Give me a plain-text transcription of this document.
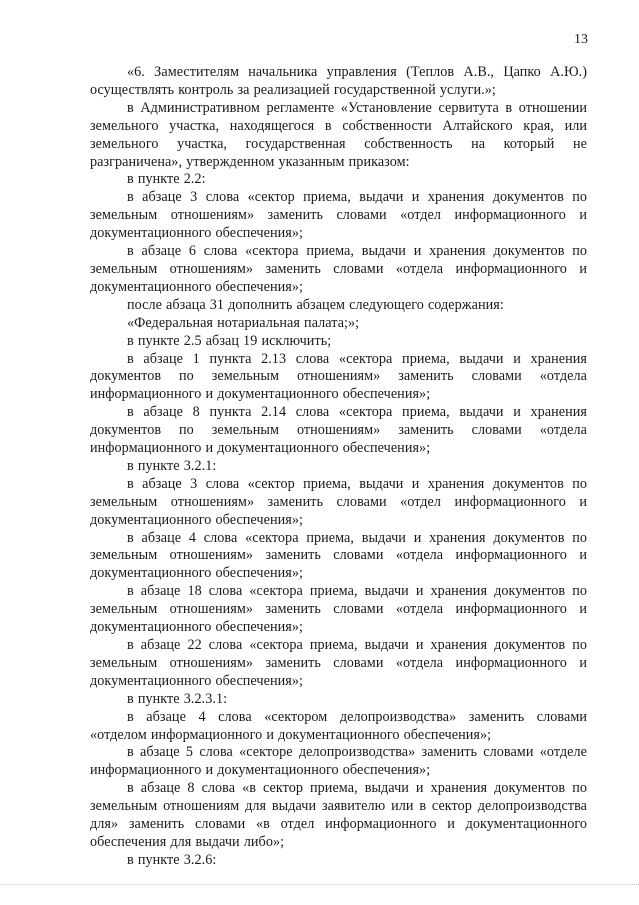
13

«6. Заместителям начальника управления (Теплов А.В., Цапко А.Ю.) осуществлять контроль за реализацией государственной услуги.»;

в Административном регламенте «Установление сервитута в отношении земельного участка, находящегося в собственности Алтайского края, или земельного участка, государственная собственность на который не разграничена», утвержденном указанным приказом:

в пункте 2.2:

в абзаце 3 слова «сектор приема, выдачи и хранения документов по земельным отношениям» заменить словами «отдел информационного и документационного обеспечения»;

в абзаце 6 слова «сектора приема, выдачи и хранения документов по земельным отношениям» заменить словами «отдела информационного и документационного обеспечения»;

после абзаца 31 дополнить абзацем следующего содержания:

«Федеральная нотариальная палата;»;

в пункте 2.5 абзац 19 исключить;

в абзаце 1 пункта 2.13 слова «сектора приема, выдачи и хранения документов по земельным отношениям» заменить словами «отдела информационного и документационного обеспечения»;

в абзаце 8 пункта 2.14 слова «сектора приема, выдачи и хранения документов по земельным отношениям» заменить словами «отдела информационного и документационного обеспечения»;

в пункте 3.2.1:

в абзаце 3 слова «сектор приема, выдачи и хранения документов по земельным отношениям» заменить словами «отдел информационного и документационного обеспечения»;

в абзаце 4 слова «сектора приема, выдачи и хранения документов по земельным отношениям» заменить словами «отдела информационного и документационного обеспечения»;

в абзаце 18 слова «сектора приема, выдачи и хранения документов по земельным отношениям» заменить словами «отдела информационного и документационного обеспечения»;

в абзаце 22 слова «сектора приема, выдачи и хранения документов по земельным отношениям» заменить словами «отдела информационного и документационного обеспечения»;

в пункте 3.2.3.1:

в абзаце 4 слова «сектором делопроизводства» заменить словами «отделом информационного и документационного обеспечения»;

в абзаце 5 слова «секторе делопроизводства» заменить словами «отделе информационного и документационного обеспечения»;

в абзаце 8 слова «в сектор приема, выдачи и хранения документов по земельным отношениям для выдачи заявителю или в сектор делопроизводства для» заменить словами «в отдел информационного и документационного обеспечения для выдачи либо»;

в пункте 3.2.6:
